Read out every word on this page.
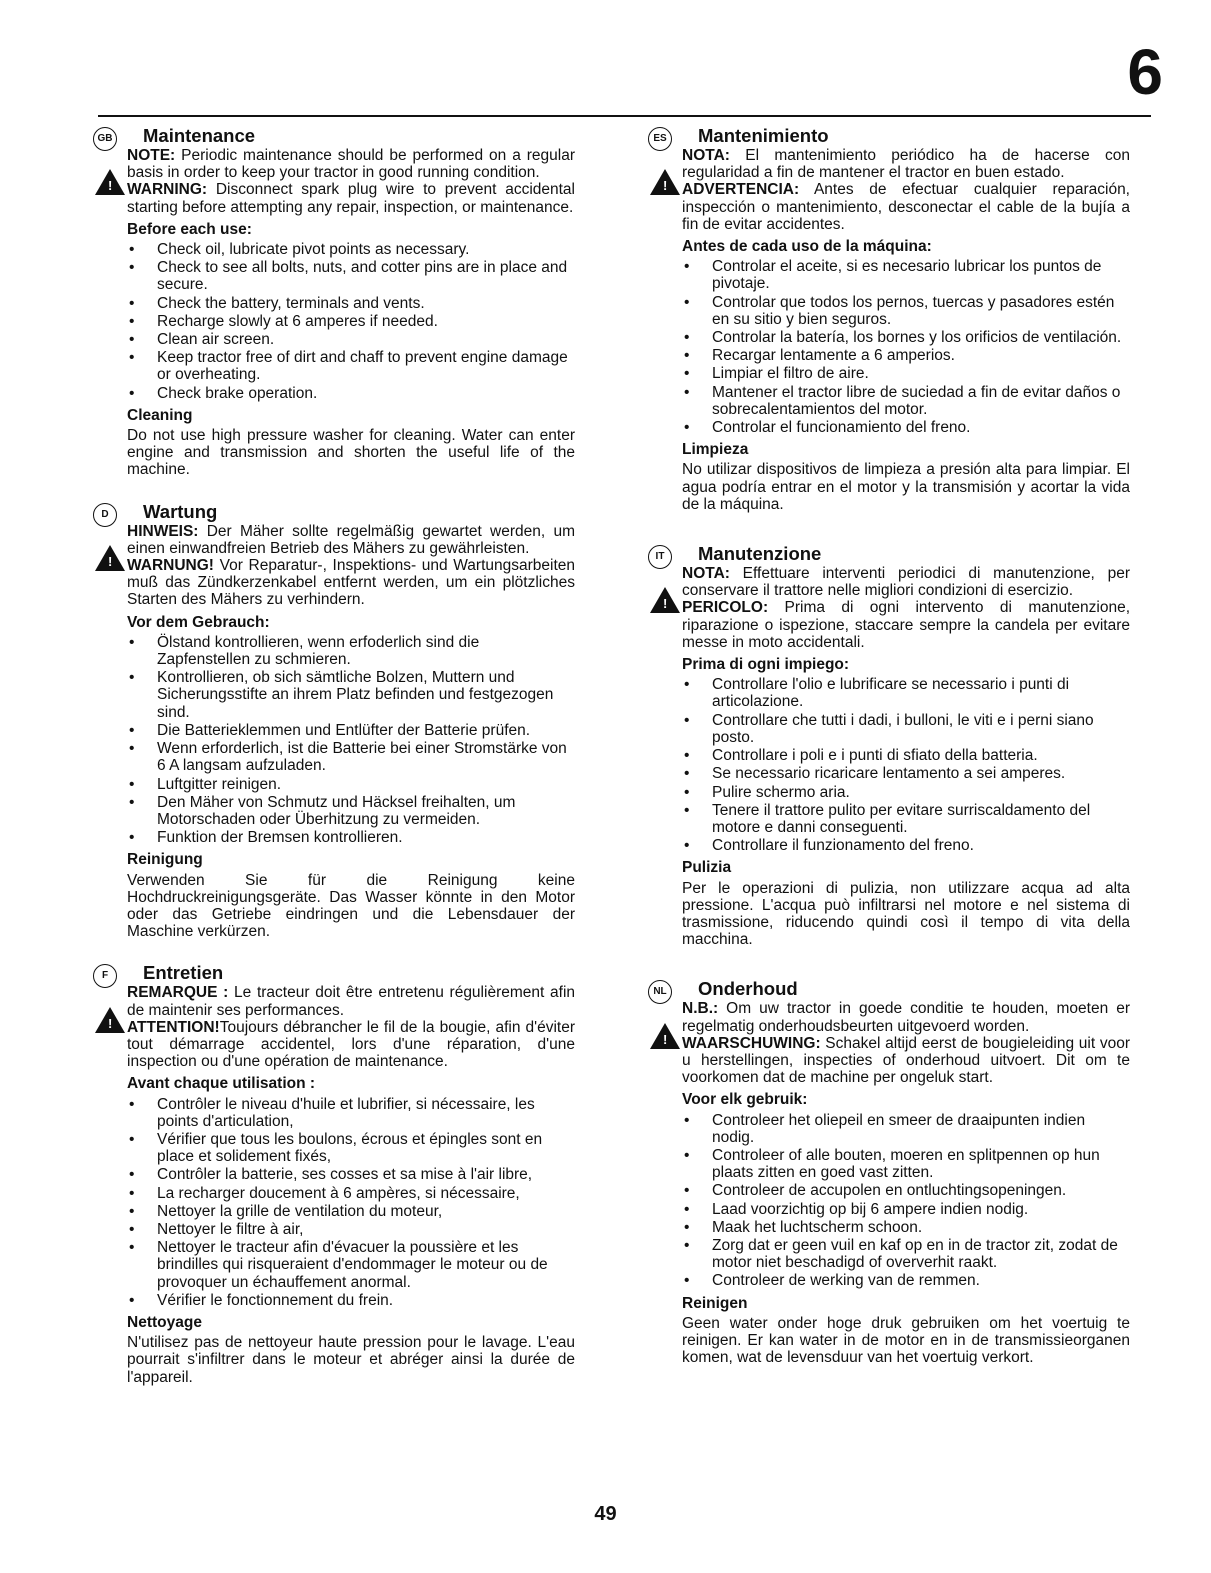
6
GB	Maintenance

NOTE: Periodic maintenance should be performed on a regular basis in order to keep your tractor in good running condition.

!
WARNING: Disconnect spark plug wire to prevent accidental starting before attempting any repair, inspection, or maintenance.

Before each use:
• Check oil, lubricate pivot points as necessary.
• Check to see all bolts, nuts, and cotter pins are in place and secure.
• Check the battery, terminals and vents.
• Recharge slowly at 6 amperes if needed.
• Clean air screen.
• Keep tractor free of dirt and chaff to prevent engine damage or overheating.
• Check brake operation.
Cleaning

Do not use high pressure washer for cleaning. Water can enter engine and transmission and shorten the useful life of the machine.

D	Wartung

HINWEIS: Der Mäher sollte regelmäßig gewartet werden, um einen einwandfreien Betrieb des Mähers zu gewährleisten.

!
WARNUNG! Vor Reparatur-, Inspektions- und Wartungsarbeiten muß das Zündkerzenkabel entfernt werden, um ein plötzliches Starten des Mähers zu verhindern.

Vor dem Gebrauch:
• Ölstand kontrollieren, wenn erfoderlich sind die Zapfenstellen zu schmieren.
• Kontrollieren, ob sich sämtliche Bolzen, Muttern und Sicherungsstifte an ihrem Platz befinden und festgezogen sind.
• Die Batterieklemmen und Entlüfter der Batterie prüfen.
• Wenn erforderlich, ist die Batterie bei einer Stromstärke von 6 A langsam aufzuladen.
• Luftgitter reinigen.
• Den Mäher von Schmutz und Häcksel freihalten, um Motorschaden oder Überhitzung zu vermeiden.
• Funktion der Bremsen kontrollieren.
Reinigung

Verwenden Sie für die Reinigung keine Hochdruckreinigungsgeräte. Das Wasser könnte in den Motor oder das Getriebe eindringen und die Lebensdauer der Maschine verkürzen.

F	Entretien

REMARQUE : Le tracteur doit être entretenu régulièrement afin de maintenir ses performances.

!
ATTENTION!Toujours débrancher le fil de la bougie, afin d'éviter tout démarrage accidentel, lors d'une réparation, d'une inspection ou d'une opération de maintenance.

Avant chaque utilisation :
• Contrôler le niveau d'huile et lubrifier, si nécessaire, les points d'articulation,
• Vérifier que tous les boulons, écrous et épingles sont en place et solidement fixés,
• Contrôler la batterie, ses cosses et sa mise à l'air libre,
• La recharger doucement à 6 ampères, si nécessaire,
• Nettoyer la grille de ventilation du moteur,
• Nettoyer le filtre à air,
• Nettoyer le tracteur afin d'évacuer la poussière et les brindilles qui risqueraient d'endommager le moteur ou de provoquer un échauffement anormal.
• Vérifier le fonctionnement du frein.
Nettoyage

N'utilisez pas de nettoyeur haute pression pour le lavage. L'eau pourrait s'infiltrer dans le moteur et abréger ainsi la durée de l'appareil.

ES	Mantenimiento

NOTA: El mantenimiento periódico ha de hacerse con regularidad a fin de mantener el tractor en buen estado.

!
ADVERTENCIA: Antes de efectuar cualquier reparación, inspección o mantenimiento, desconectar el cable de la bujía a fin de evitar accidentes.

Antes de cada uso de la máquina:
• Controlar el aceite, si es necesario lubricar los puntos de pivotaje.
• Controlar que todos los pernos, tuercas y pasadores estén en su sitio y bien seguros.
• Controlar la batería, los bornes y los orificios de ventilación.
• Recargar lentamente a 6 amperios.
• Limpiar el filtro de aire.
• Mantener el tractor libre de suciedad a fin de evitar daños o sobrecalentamientos del motor.
• Controlar el funcionamiento del freno.
Limpieza

No utilizar dispositivos de limpieza a presión alta para limpiar. El agua podría entrar en el motor y la transmisión y acortar la vida de la máquina.

IT	Manutenzione

NOTA: Effettuare interventi periodici di manutenzione, per conservare il trattore nelle migliori condizioni di esercizio.

!
PERICOLO: Prima di ogni intervento di manutenzione, riparazione o ispezione, staccare sempre la candela per evitare messe in moto accidentali.

Prima di ogni impiego:
• Controllare l'olio e lubrificare se necessario i punti di articolazione.
• Controllare che tutti i dadi, i bulloni, le viti e i perni siano posto.
• Controllare i poli e i punti di sfiato della batteria.
• Se necessario ricaricare lentamento a sei amperes.
• Pulire schermo aria.
• Tenere il trattore pulito per evitare surriscaldamento del motore e danni conseguenti.
• Controllare il funzionamento del freno.
Pulizia

Per le operazioni di pulizia, non utilizzare acqua ad alta pressione. L'acqua può infiltrarsi nel motore e nel sistema di trasmissione, riducendo quindi così il tempo di vita della macchina.

NL	Onderhoud

N.B.: Om uw tractor in goede conditie te houden, moeten er regelmatig onderhoudsbeurten uitgevoerd worden.

!
WAARSCHUWING: Schakel altijd eerst de bougieleiding uit voor u herstellingen, inspecties of onderhoud uitvoert. Dit om te voorkomen dat de machine per ongeluk start.

Voor elk gebruik:
• Controleer het oliepeil en smeer de draaipunten indien nodig.
• Controleer of alle bouten, moeren en splitpennen op hun plaats zitten en goed vast zitten.
• Controleer de accupolen en ontluchtingsopeningen.
• Laad voorzichtig op bij 6 ampere indien nodig.
• Maak het luchtscherm schoon.
• Zorg dat er geen vuil en kaf op en in de tractor zit, zodat de motor niet beschadigd of oververhit raakt.
• Controleer de werking van de remmen.
Reinigen

Geen water onder hoge druk gebruiken om het voertuig te reinigen. Er kan water in de motor en in de transmissieorganen komen, wat de levensduur van het voertuig verkort.

49
